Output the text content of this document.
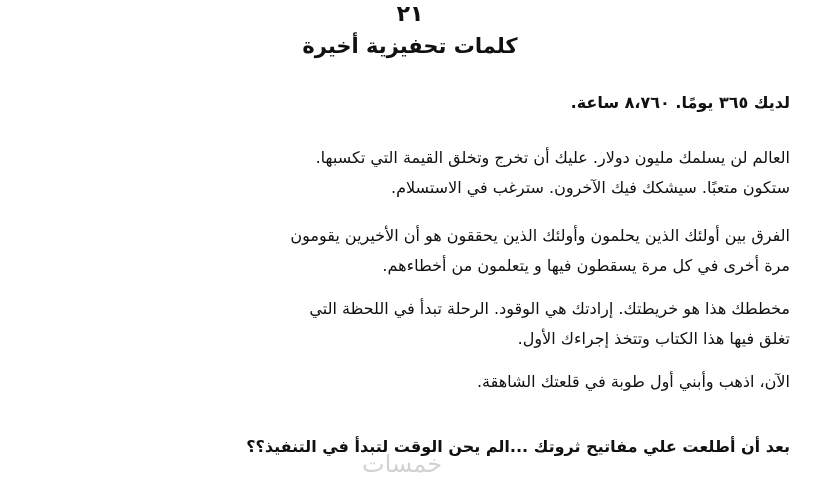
٢١
كلمات تحفيزية أخيرة

لديك ٣٦٥ يومًا. ٨،٧٦٠ ساعة.

العالم لن يسلمك مليون دولار. عليك أن تخرج وتخلق القيمة التي تكسبها.
ستكون متعبًا. سيشكك فيك الآخرون. سترغب في الاستسلام.

الفرق بين أولئك الذين يحلمون وأولئك الذين يحققون هو أن الأخيرين يقومون
مرة أخرى في كل مرة يسقطون فيها و يتعلمون من أخطاءهم.

مخططك هذا هو خريطتك. إرادتك هي الوقود. الرحلة تبدأ في اللحظة التي
تغلق فيها هذا الكتاب وتتخذ إجراءك الأول.

الآن، اذهب وأبني أول طوبة في قلعتك الشاهقة.

بعد أن أطلعت علي مفاتيح ثروتك ...الم يحن الوقت لتبدأ في التنفيذ؟؟

خمسات
